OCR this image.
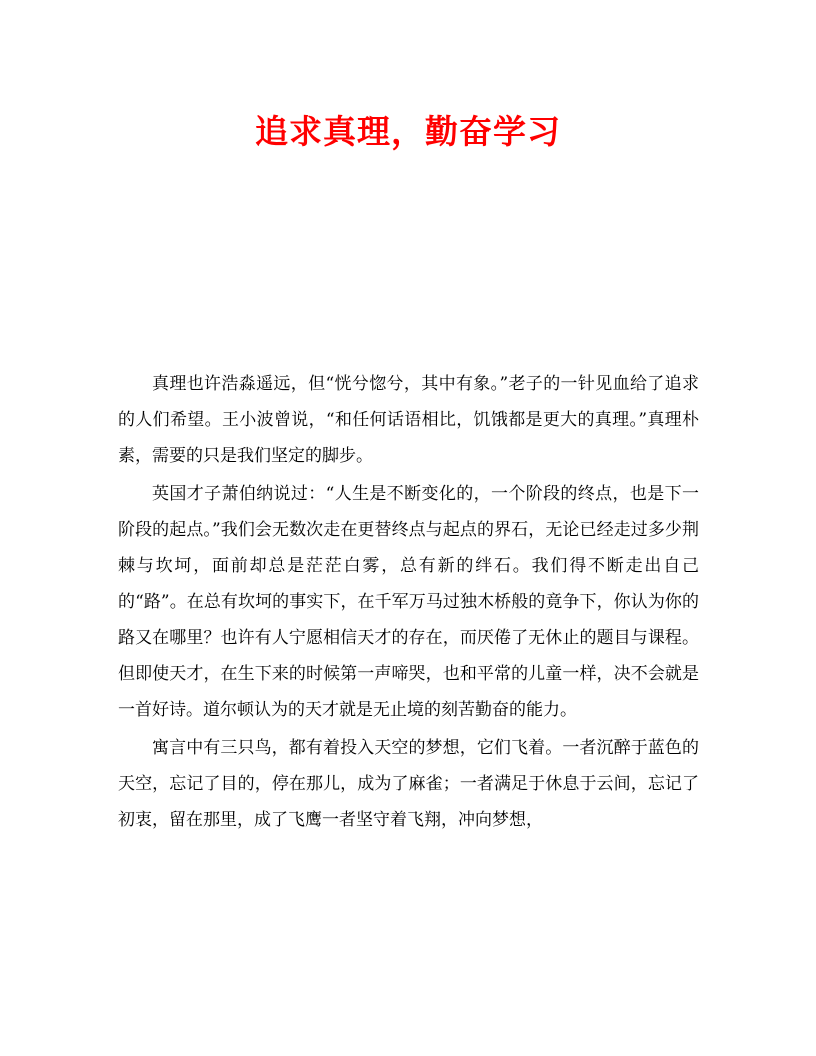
追求真理，勤奋学习

真理也许浩淼遥远，但“恍兮惚兮，其中有象。”老子的一针见血给了追求的人们希望。王小波曾说，“和任何话语相比，饥饿都是更大的真理。”真理朴素，需要的只是我们坚定的脚步。

英国才子萧伯纳说过：“人生是不断变化的，一个阶段的终点，也是下一阶段的起点。”我们会无数次走在更替终点与起点的界石，无论已经走过多少荆棘与坎坷，面前却总是茫茫白雾，总有新的绊石。我们得不断走出自己的“路”。在总有坎坷的事实下，在千军万马过独木桥般的竟争下，你认为你的路又在哪里？也许有人宁愿相信天才的存在，而厌倦了无休止的题目与课程。但即使天才，在生下来的时候第一声啼哭，也和平常的儿童一样，决不会就是一首好诗。道尔顿认为的天才就是无止境的刻苦勤奋的能力。

寓言中有三只鸟，都有着投入天空的梦想，它们飞着。一者沉醉于蓝色的天空，忘记了目的，停在那儿，成为了麻雀；一者满足于休息于云间，忘记了初衷，留在那里，成了飞鹰一者坚守着飞翔，冲向梦想，
